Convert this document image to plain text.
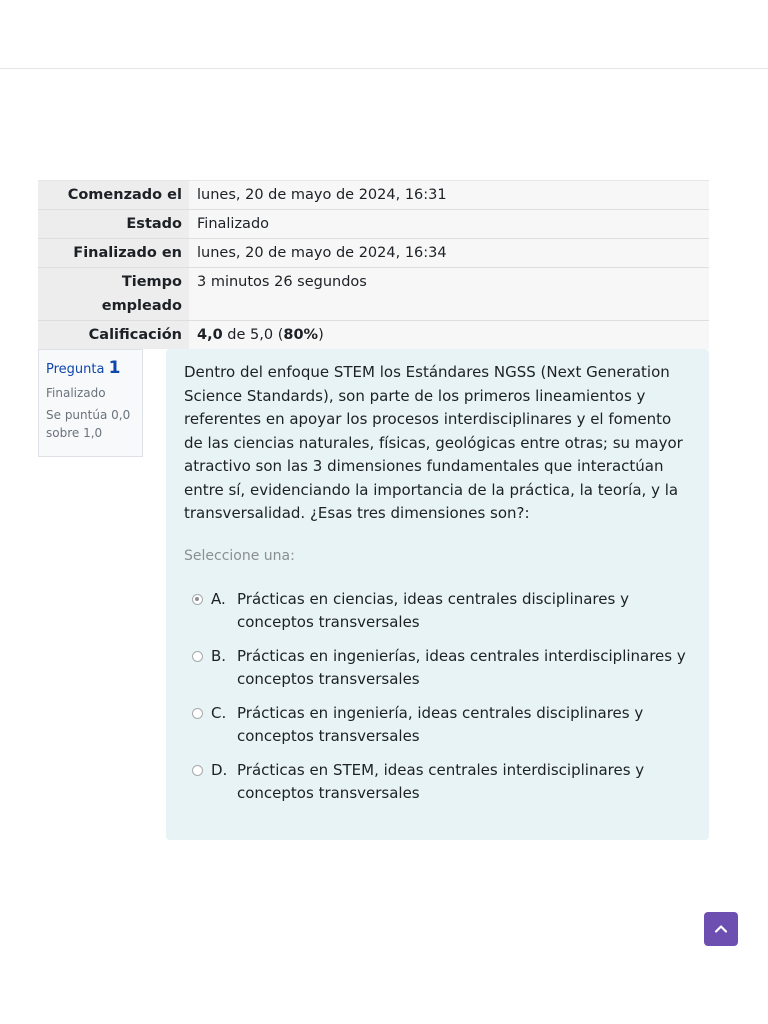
Comenzado el	lunes, 20 de mayo de 2024, 16:31
Estado	Finalizado
Finalizado en	lunes, 20 de mayo de 2024, 16:34
Tiempo empleado	3 minutos 26 segundos
Calificación	4,0 de 5,0 (80%)
Pregunta 1
Finalizado
Se puntúa 0,0 sobre 1,0
Dentro del enfoque STEM los Estándares NGSS (Next Generation Science Standards), son parte de los primeros lineamientos y referentes en apoyar los procesos interdisciplinares y el fomento de las ciencias naturales, físicas, geológicas entre otras; su mayor atractivo son las 3 dimensiones fundamentales que interactúan entre sí, evidenciando la importancia de la práctica, la teoría, y la transversalidad. ¿Esas tres dimensiones son?:
Seleccione una:
A. Prácticas en ciencias, ideas centrales disciplinares y conceptos transversales
B. Prácticas en ingenierías, ideas centrales interdisciplinares y conceptos transversales
C. Prácticas en ingeniería, ideas centrales disciplinares y conceptos transversales
D. Prácticas en STEM, ideas centrales interdisciplinares y conceptos transversales
